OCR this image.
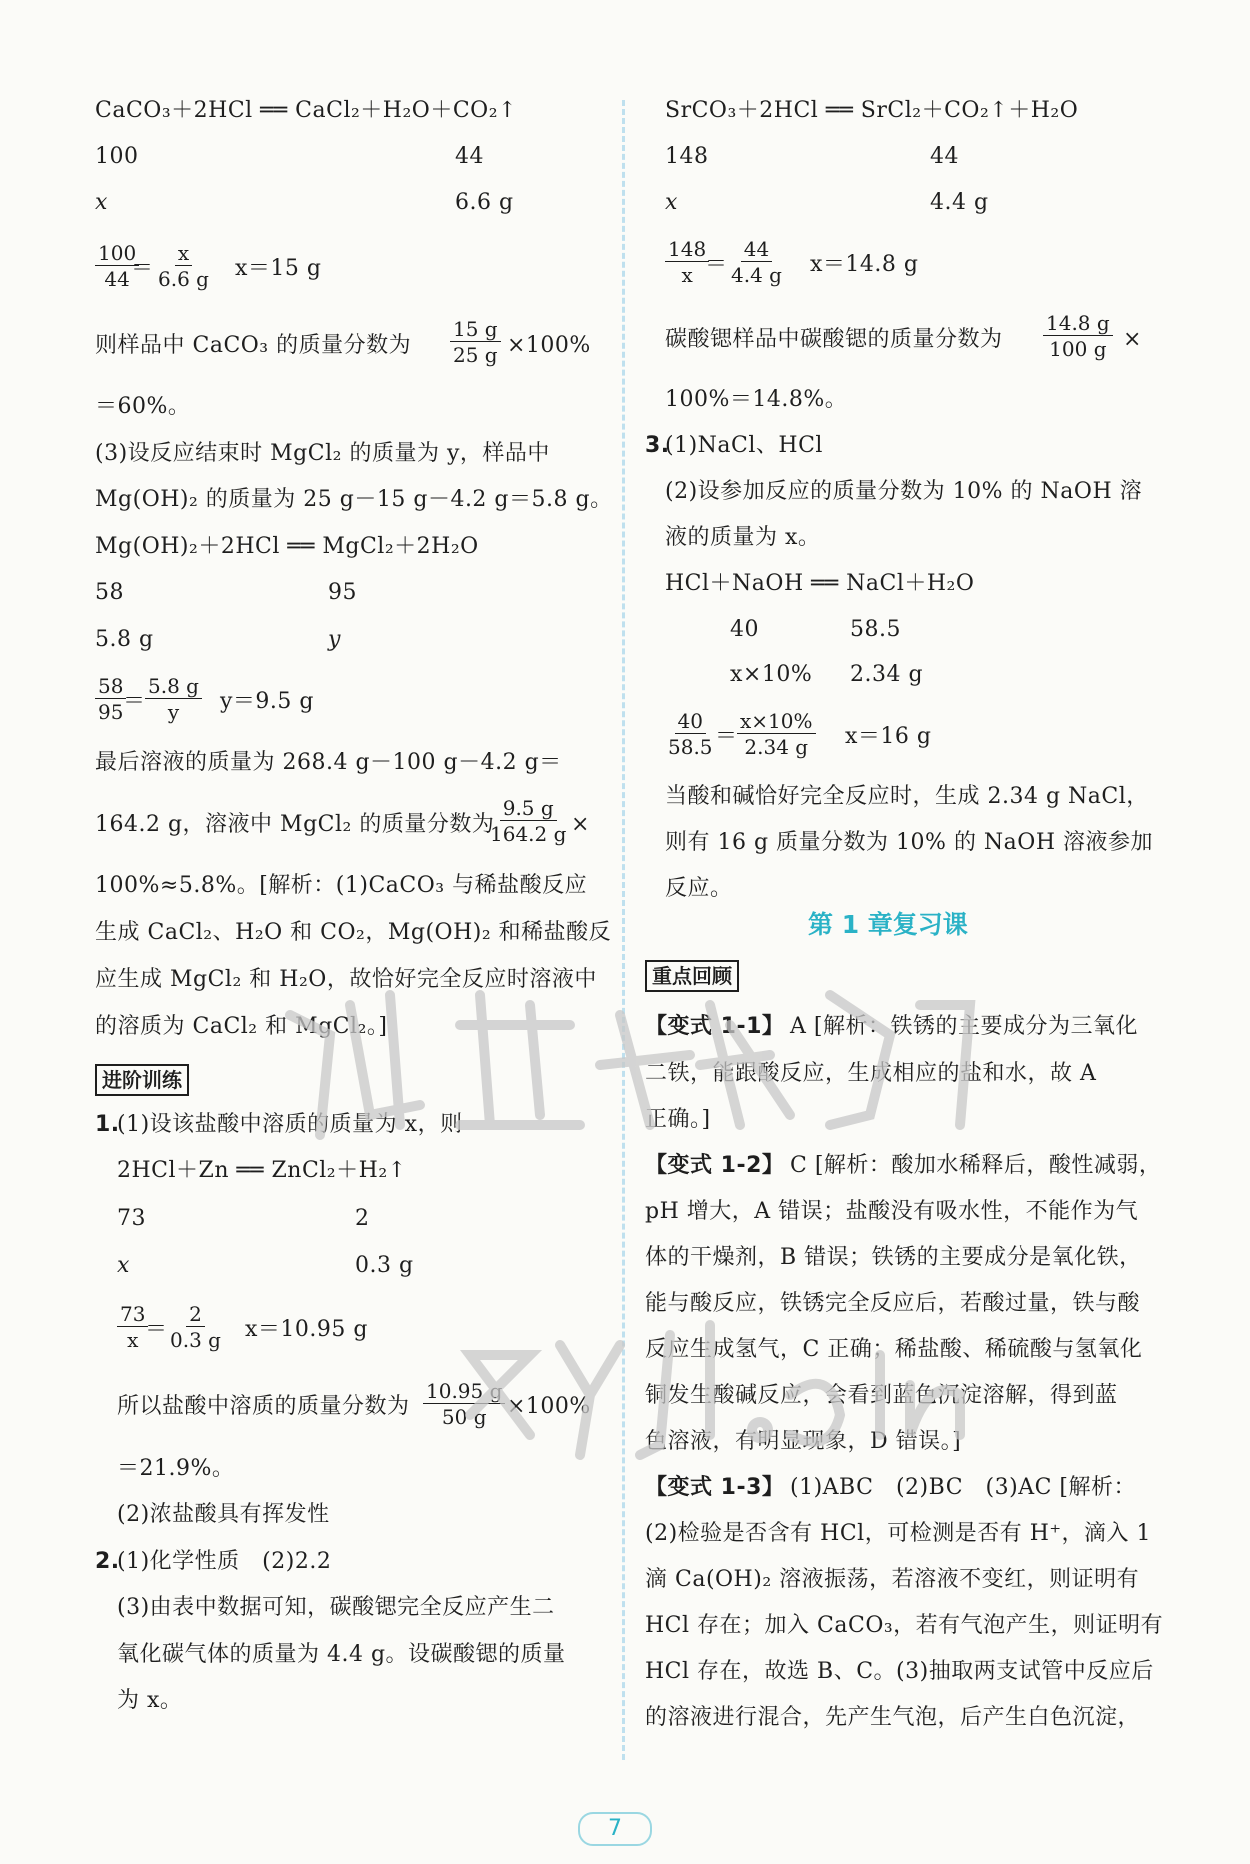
CaCO₃＋2HCl ══ CaCl₂＋H₂O＋CO₂↑
100	44
x	6.6 g
$\frac{100}{44}$
＝ $\frac{x}{6.6 g} x=15$ g
则样品中 CaCO₃ 的质量分数为 $\frac{15 g}{25 g} \times 100\%$
＝60%。
(3)设反应结束时 MgCl₂ 的质量为 y，样品中
Mg(OH)₂ 的质量为 25 g－15 g－4.2 g＝5.8 g。
Mg(OH)₂＋2HCl ══ MgCl₂＋2H₂O
58	95
5.8 g	y
$\frac{58}{95}$
＝ $\frac{5.8 g}{y} y=9.5$ g
最后溶液的质量为 268.4 g－100 g－4.2 g＝
164.2 g，溶液中 MgCl₂ 的质量分数为
$\frac{9.5 g}{164.2 g}$ ×
100%≈5.8%。[解析：(1)CaCO₃ 与稀盐酸反应
生成 CaCl₂、H₂O 和 CO₂，Mg(OH)₂ 和稀盐酸反
应生成 MgCl₂ 和 H₂O，故恰好完全反应时溶液中
的溶质为 CaCl₂ 和 MgCl₂。]
进阶训练
1.
(1)设该盐酸中溶质的质量为 x，则
2HCl＋Zn ══ ZnCl₂＋H₂↑
73	2
x	0.3 g
$\frac{73}{x}$
＝ $\frac{2}{0.3 g} x=10.95$ g
所以盐酸中溶质的质量分数为 $\frac{10.95 g}{50 g} \times 100\%$
＝21.9%。
(2)浓盐酸具有挥发性
2.
(1)化学性质　(2)2.2
(3)由表中数据可知，碳酸锶完全反应产生二
氧化碳气体的质量为 4.4 g。设碳酸锶的质量
为 x。
SrCO₃＋2HCl ══ SrCl₂＋CO₂↑＋H₂O
148	44
x	4.4 g
$\frac{148}{x}$
＝ $\frac{44}{4.4 g} x=14.8$ g
碳酸锶样品中碳酸锶的质量分数为 $\frac{14.8 g}{100 g}$ ×
100%＝14.8%。
3.
(1)NaCl、HCl
(2)设参加反应的质量分数为 10% 的 NaOH 溶
液的质量为 x。
HCl＋NaOH ══ NaCl＋H₂O
40	58.5
x×10% 2.34 g
$\frac{40}{58.5} = \frac{x\times 10\%}{2.34 g} x=16$ g
当酸和碱恰好完全反应时，生成 2.34 g NaCl，
则有 16 g 质量分数为 10% 的 NaOH 溶液参加
反应。
重点回顾
【变式 1-1】 A [解析：铁锈的主要成分为三氧化
二铁，能跟酸反应，生成相应的盐和水，故 A
正确。]
【变式 1-2】 C [解析：酸加水稀释后，酸性减弱，
pH 增大，A 错误；盐酸没有吸水性，不能作为气
体的干燥剂，B 错误；铁锈的主要成分是氧化铁，
能与酸反应，铁锈完全反应后，若酸过量，铁与酸
反应生成氢气，C 正确；稀盐酸、稀硫酸与氢氧化
铜发生酸碱反应，会看到蓝色沉淀溶解，得到蓝
色溶液，有明显现象，D 错误。]
【变式 1-3】 (1)ABC　(2)BC　(3)AC [解析：
(2)检验是否含有 HCl，可检测是否有 H⁺，滴入 1
滴 Ca(OH)₂ 溶液振荡，若溶液不变红，则证明有
HCl 存在；加入 CaCO₃，若有气泡产生，则证明有
HCl 存在，故选 B、C。(3)抽取两支试管中反应后
的溶液进行混合，先产生气泡，后产生白色沉淀，
第 1 章复习课
7
